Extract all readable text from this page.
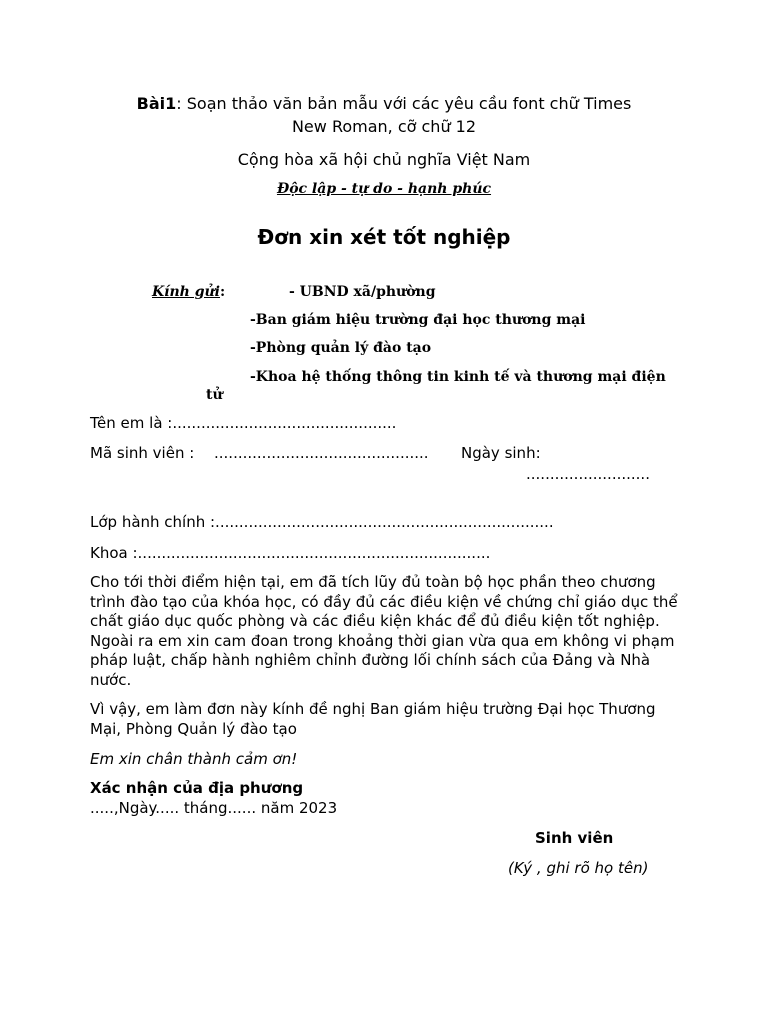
Bài1: Soạn thảo văn bản mẫu với các yêu cầu font chữ Times
New Roman, cỡ chữ 12
Cộng hòa xã hội chủ nghĩa Việt Nam
Độc lập - tự do - hạnh phúc
Đơn xin xét tốt nghiệp
Kính gửi:	- UBND xã/phường
-Ban giám hiệu trường đại học thương mại
-Phòng quản lý đào tạo
-Khoa hệ thống thông tin kinh tế và thương mại điện
tử
Tên em là :...............................................
Mã sinh viên : ............................................. Ngày sinh:
..........................
Lớp hành chính :.......................................................................
Khoa :..........................................................................
Cho tới thời điểm hiện tại, em đã tích lũy đủ toàn bộ học phần theo chương trình đào tạo của khóa học, có đầy đủ các điều kiện về chứng chỉ giáo dục thể chất giáo dục quốc phòng và các điều kiện khác để đủ điều kiện tốt nghiệp. Ngoài ra em xin cam đoan trong khoảng thời gian vừa qua em không vi phạm pháp luật, chấp hành nghiêm chỉnh đường lối chính sách của Đảng và Nhà nước.
Vì vậy, em làm đơn này kính đề nghị Ban giám hiệu trường Đại học Thương Mại, Phòng Quản lý đào tạo
Em xin chân thành cảm ơn!
Xác nhận của địa phương
.....,Ngày..... tháng...... năm 2023
Sinh viên
(Ký , ghi rõ họ tên)
